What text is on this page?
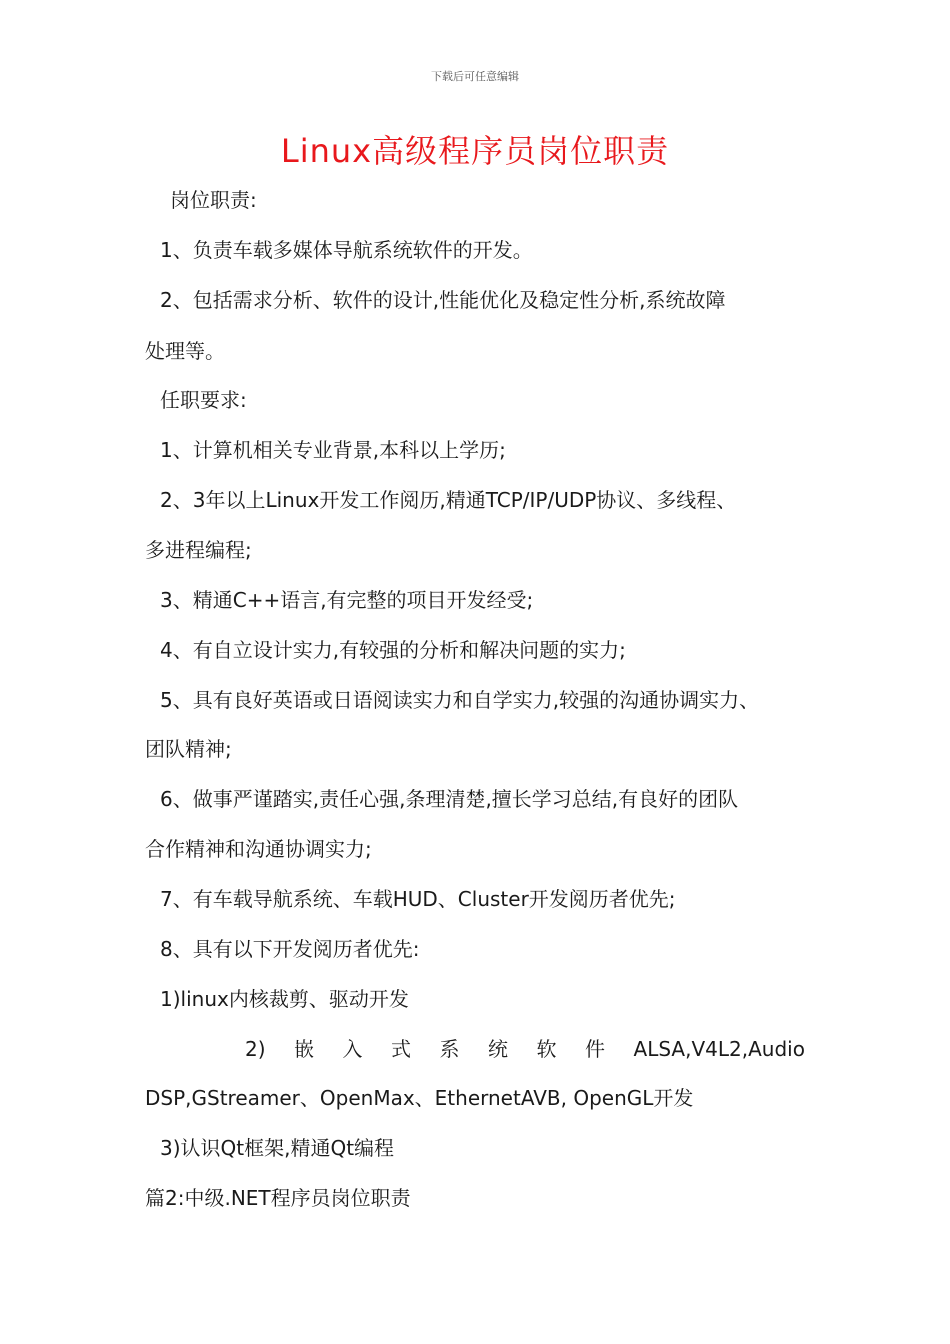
下载后可任意编辑
Linux高级程序员岗位职责
岗位职责:
1、负责车载多媒体导航系统软件的开发。
2、包括需求分析、软件的设计,性能优化及稳定性分析,系统故障
处理等。
任职要求:
1、计算机相关专业背景,本科以上学历;
2、3年以上Linux开发工作阅历,精通TCP/IP/UDP协议、多线程、
多进程编程;
3、精通C++语言,有完整的项目开发经受;
4、有自立设计实力,有较强的分析和解决问题的实力;
5、具有良好英语或日语阅读实力和自学实力,较强的沟通协调实力、
团队精神;
6、做事严谨踏实,责任心强,条理清楚,擅长学习总结,有良好的团队
合作精神和沟通协调实力;
7、有车载导航系统、车载HUD、Cluster开发阅历者优先;
8、具有以下开发阅历者优先:
1)linux内核裁剪、驱动开发
2) 嵌 入 式 系 统 软 件 ALSA,V4L2,Audio
DSP,GStreamer、OpenMax、EthernetAVB, OpenGL开发
3)认识Qt框架,精通Qt编程
篇2:中级.NET程序员岗位职责
